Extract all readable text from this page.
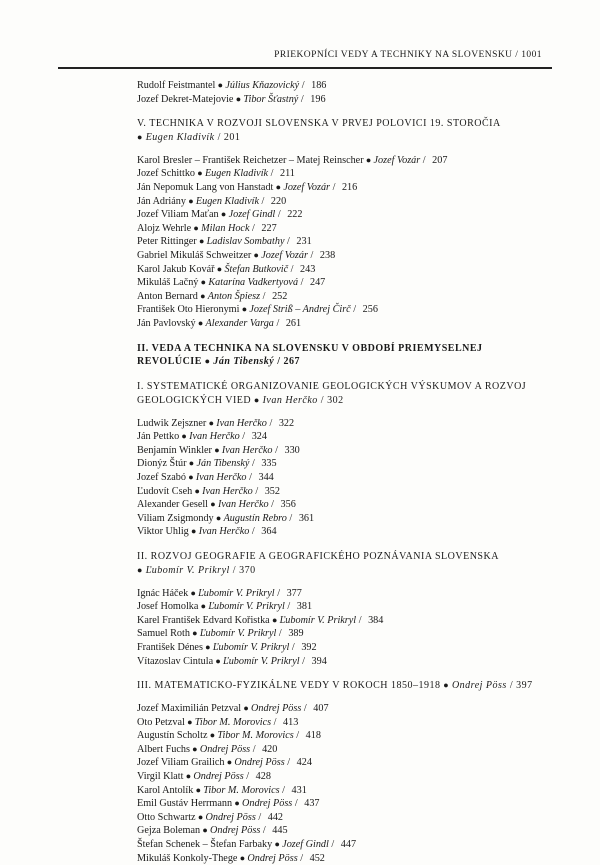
PRIEKOPNÍCI VEDY A TECHNIKY NA SLOVENSKU / 1001
Rudolf Feistmantel ● Július Kňazovický / 186
Jozef Dekret-Matejovie ● Tibor Šťastný / 196
V. TECHNIKA V ROZVOJI SLOVENSKA V PRVEJ POLOVICI 19. STOROČIA ● Eugen Kladivík / 201
Karol Bresler – František Reichetzer – Matej Reinscher ● Jozef Vozár / 207
Jozef Schittko ● Eugen Kladivík / 211
Ján Nepomuk Lang von Hanstadt ● Jozef Vozár / 216
Ján Adriány ● Eugen Kladivík / 220
Jozef Viliam Maťan ● Jozef Gindl / 222
Alojz Wehrle ● Milan Hock / 227
Peter Rittinger ● Ladislav Sombathy / 231
Gabriel Mikuláš Schweitzer ● Jozef Vozár / 238
Karol Jakub Kovář ● Štefan Butkovič / 243
Mikuláš Lačný ● Katarína Vadkertyová / 247
Anton Bernard ● Anton Špiesz / 252
František Oto Hieronymi ● Jozef Striß – Andrej Čirč / 256
Ján Pavlovský ● Alexander Varga / 261
II. VEDA A TECHNIKA NA SLOVENSKU V OBDOBÍ PRIEMYSELNEJ REVOLÚCIE ● Ján Tibenský / 267
I. SYSTEMATICKÉ ORGANIZOVANIE GEOLOGICKÝCH VÝSKUMOV A ROZVOJ GEOLOGICKÝCH VIED ● Ivan Herčko / 302
Ludwik Zejszner ● Ivan Herčko / 322
Ján Pettko ● Ivan Herčko / 324
Benjamín Winkler ● Ivan Herčko / 330
Dionýz Štúr ● Ján Tibenský / 335
Jozef Szabó ● Ivan Herčko / 344
Ľudovít Cseh ● Ivan Herčko / 352
Alexander Gesell ● Ivan Herčko / 356
Viliam Zsigmondy ● Augustín Rebro / 361
Viktor Uhlig ● Ivan Herčko / 364
II. ROZVOJ GEOGRAFIE A GEOGRAFICKÉHO POZNÁVANIA SLOVENSKA ● Ľubomír V. Prikryl / 370
Ignác Háček ● Ľubomír V. Prikryl / 377
Josef Homolka ● Ľubomír V. Prikryl / 381
Karel František Edvard Kořistka ● Ľubomír V. Prikryl / 384
Samuel Roth ● Ľubomír V. Prikryl / 389
František Dénes ● Ľubomír V. Prikryl / 392
Vítazoslav Cintula ● Ľubomír V. Prikryl / 394
III. MATEMATICKO-FYZIKÁLNE VEDY V ROKOCH 1850–1918 ● Ondrej Pöss / 397
Jozef Maximilián Petzval ● Ondrej Pöss / 407
Oto Petzval ● Tibor M. Morovics / 413
Augustín Scholtz ● Tibor M. Morovics / 418
Albert Fuchs ● Ondrej Pöss / 420
Jozef Viliam Grailich ● Ondrej Pöss / 424
Virgil Klatt ● Ondrej Pöss / 428
Karol Antolík ● Tibor M. Morovics / 431
Emil Gustáv Herrmann ● Ondrej Pöss / 437
Otto Schwartz ● Ondrej Pöss / 442
Gejza Boleman ● Ondrej Pöss / 445
Štefan Schenek – Štefan Farbaky ● Jozef Gindl / 447
Mikuláš Konkoly-Thege ● Ondrej Pöss / 452
